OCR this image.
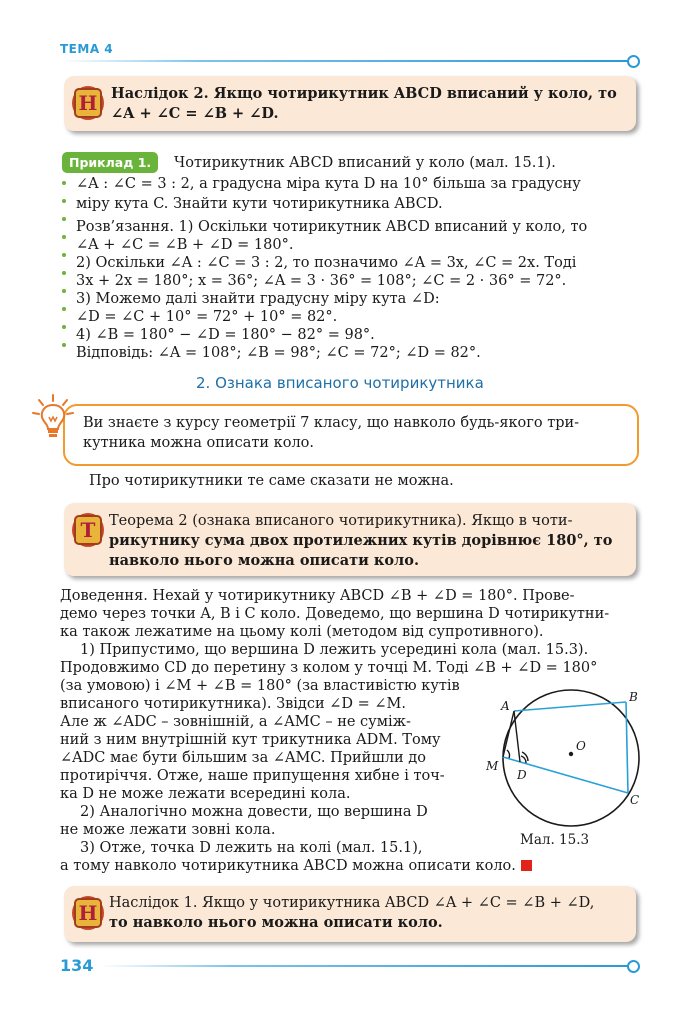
ТЕМА 4
Н Наслідок 2. Якщо чотирикутник ABCD вписаний у коло, то ∠A + ∠C = ∠B + ∠D.
Приклад 1.	Чотирикутник ABCD вписаний у коло (мал. 15.1).
∠A : ∠C = 3 : 2, а градусна міра кута D на 10° більша за градусну
міру кута C. Знайти кути чотирикутника ABCD.
Розв’язання. 1) Оскільки чотирикутник ABCD вписаний у коло, то
∠A + ∠C = ∠B + ∠D = 180°.
2) Оскільки ∠A : ∠C = 3 : 2, то позначимо ∠A = 3x, ∠C = 2x. Тоді
3x + 2x = 180°; x = 36°; ∠A = 3 · 36° = 108°; ∠C = 2 · 36° = 72°.
3) Можемо далі знайти градусну міру кута ∠D:
∠D = ∠C + 10° = 72° + 10° = 82°.
4) ∠B = 180° − ∠D = 180° − 82° = 98°.
Відповідь: ∠A = 108°; ∠B = 98°; ∠C = 72°; ∠D = 82°.
2. Ознака вписаного чотирикутника
Ви знаєте з курсу геометрії 7 класу, що навколо будь-якого три-
кутника можна описати коло.
Про чотирикутники те саме сказати не можна.
Т Теорема 2 (ознака вписаного чотирикутника). Якщо в чоти-
рикутнику сума двох протилежних кутів дорівнює 180°, то
навколо нього можна описати коло.
Доведення. Нехай у чотирикутнику ABCD ∠B + ∠D = 180°. Прове-
демо через точки A, B і C коло. Доведемо, що вершина D чотирикутни-
ка також лежатиме на цьому колі (методом від супротивного).
1) Припустимо, що вершина D лежить усередині кола (мал. 15.3).
Продовжимо CD до перетину з колом у точці M. Тоді ∠B + ∠D = 180°
(за умовою) і ∠M + ∠B = 180° (за властивістю кутів
вписаного чотирикутника). Звідси ∠D = ∠M.
Але ж ∠ADC – зовнішній, а ∠AMC – не суміж-
ний з ним внутрішній кут трикутника ADM. Тому
∠ADC має бути більшим за ∠AMC. Прийшли до
протиріччя. Отже, наше припущення хибне і точ-
ка D не може лежати всередині кола.
2) Аналогічно можна довести, що вершина D
не може лежати зовні кола.
3) Отже, точка D лежить на колі (мал. 15.1),
а тому навколо чотирикутника ABCD можна описати коло.
A
B
C
D
M
O
Мал. 15.3
Н Наслідок 1. Якщо у чотирикутника ABCD ∠A + ∠C = ∠B + ∠D,
то навколо нього можна описати коло.
134
